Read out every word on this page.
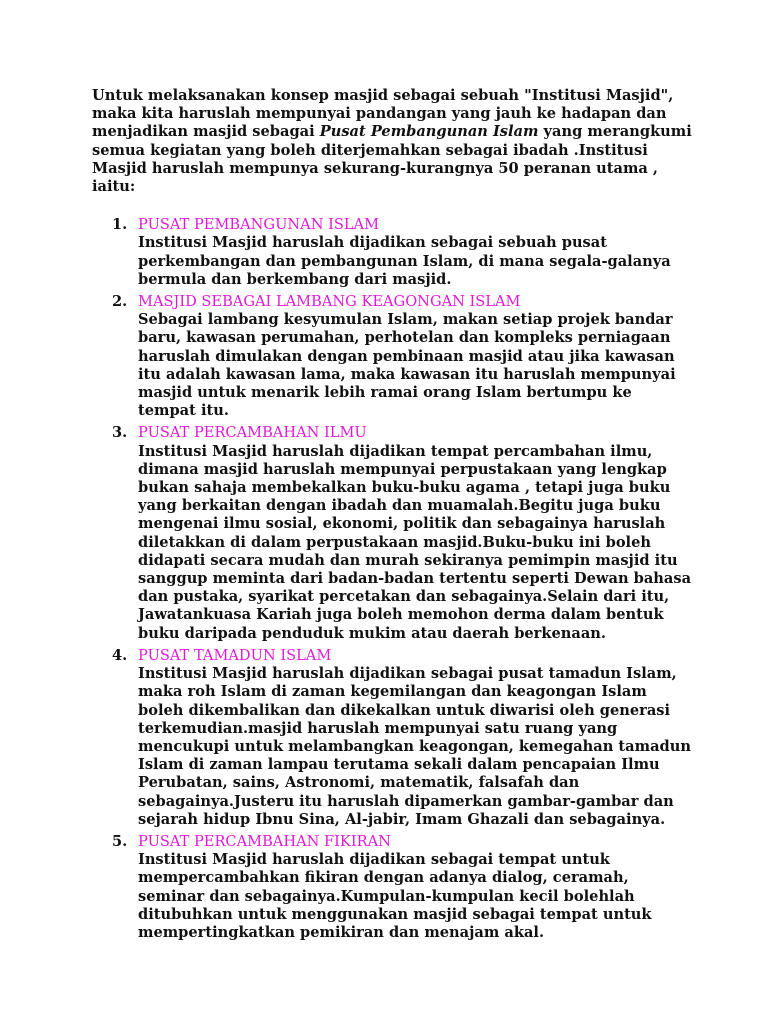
Untuk melaksanakan konsep masjid sebagai sebuah "Institusi Masjid", maka kita haruslah mempunyai pandangan yang jauh ke hadapan dan menjadikan masjid sebagai Pusat Pembangunan Islam yang merangkumi semua kegiatan yang boleh diterjemahkan sebagai ibadah .Institusi Masjid haruslah mempunya sekurang-kurangnya 50 peranan utama , iaitu:

1. PUSAT PEMBANGUNAN ISLAM
Institusi Masjid haruslah dijadikan sebagai sebuah pusat perkembangan dan pembangunan Islam, di mana segala-galanya bermula dan berkembang dari masjid.
2. MASJID SEBAGAI LAMBANG KEAGONGAN ISLAM
Sebagai lambang kesyumulan Islam, makan setiap projek bandar baru, kawasan perumahan, perhotelan dan kompleks perniagaan haruslah dimulakan dengan pembinaan masjid atau jika kawasan itu adalah kawasan lama, maka kawasan itu haruslah mempunyai masjid untuk menarik lebih ramai orang Islam bertumpu ke tempat itu.
3. PUSAT PERCAMBAHAN ILMU
Institusi Masjid haruslah dijadikan tempat percambahan ilmu, dimana masjid haruslah mempunyai perpustakaan yang lengkap bukan sahaja membekalkan buku-buku agama , tetapi juga buku yang berkaitan dengan ibadah dan muamalah.Begitu juga buku mengenai ilmu sosial, ekonomi, politik dan sebagainya haruslah diletakkan di dalam perpustakaan masjid.Buku-buku ini boleh didapati secara mudah dan murah sekiranya pemimpin masjid itu sanggup meminta dari badan-badan tertentu seperti Dewan bahasa dan pustaka, syarikat percetakan dan sebagainya.Selain dari itu, Jawatankuasa Kariah juga boleh memohon derma dalam bentuk buku daripada penduduk mukim atau daerah berkenaan.
4. PUSAT TAMADUN ISLAM
Institusi Masjid haruslah dijadikan sebagai pusat tamadun Islam, maka roh Islam di zaman kegemilangan dan keagongan Islam boleh dikembalikan dan dikekalkan untuk diwarisi oleh generasi terkemudian.masjid haruslah mempunyai satu ruang yang mencukupi untuk melambangkan keagongan, kemegahan tamadun Islam di zaman lampau terutama sekali dalam pencapaian Ilmu Perubatan, sains, Astronomi, matematik, falsafah dan sebagainya.Justeru itu haruslah dipamerkan gambar-gambar dan sejarah hidup Ibnu Sina, Al-jabir, Imam Ghazali dan sebagainya.
5. PUSAT PERCAMBAHAN FIKIRAN
Institusi Masjid haruslah dijadikan sebagai tempat untuk mempercambahkan fikiran dengan adanya dialog, ceramah, seminar dan sebagainya.Kumpulan-kumpulan kecil bolehlah ditubuhkan untuk menggunakan masjid sebagai tempat untuk mempertingkatkan pemikiran dan menajam akal.
